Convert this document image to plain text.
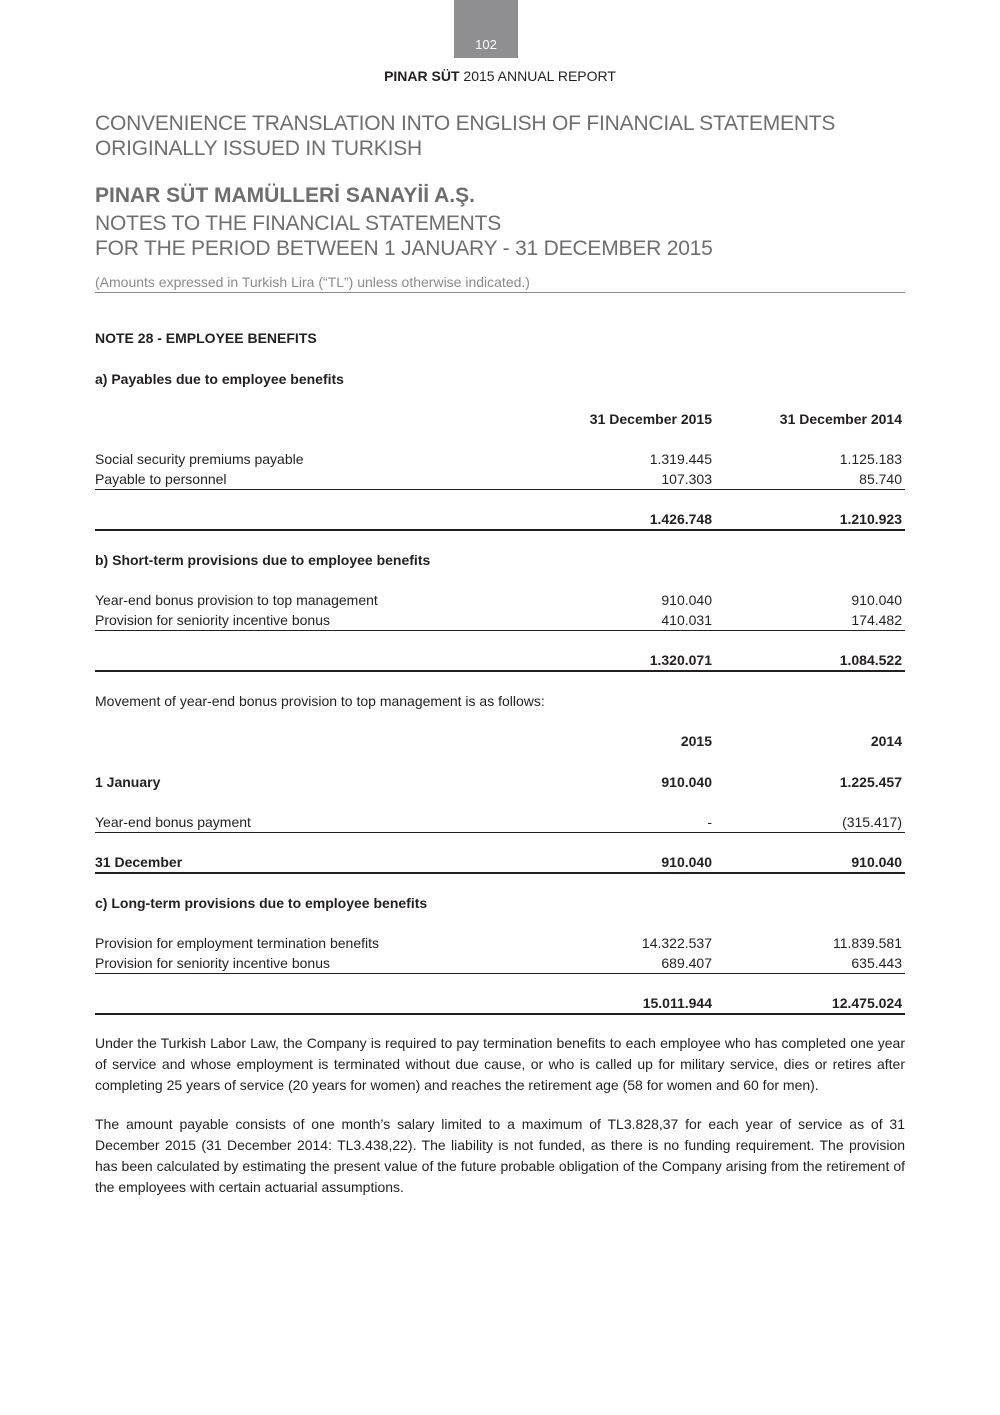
102
PINAR SÜT 2015 ANNUAL REPORT
CONVENIENCE TRANSLATION INTO ENGLISH OF FINANCIAL STATEMENTS
ORIGINALLY ISSUED IN TURKISH
PINAR SÜT MAMÜLLERİ SANAYİİ A.Ş.
NOTES TO THE FINANCIAL STATEMENTS
FOR THE PERIOD BETWEEN 1 JANUARY - 31 DECEMBER 2015
(Amounts expressed in Turkish Lira (“TL”) unless otherwise indicated.)
NOTE 28 - EMPLOYEE BENEFITS
a) Payables due to employee benefits
31 December 2015	31 December 2014
Social security premiums payable	1.319.445	1.125.183
Payable to personnel	107.303	85.740
1.426.748	1.210.923
b) Short-term provisions due to employee benefits
Year-end bonus provision to top management	910.040	910.040
Provision for seniority incentive bonus	410.031	174.482
1.320.071	1.084.522
Movement of year-end bonus provision to top management is as follows:
2015	2014
1 January	910.040	1.225.457
Year-end bonus payment	-	(315.417)
31 December	910.040	910.040
c) Long-term provisions due to employee benefits
Provision for employment termination benefits	14.322.537	11.839.581
Provision for seniority incentive bonus	689.407	635.443
15.011.944	12.475.024
Under the Turkish Labor Law, the Company is required to pay termination benefits to each employee who has completed one year of service and whose employment is terminated without due cause, or who is called up for military service, dies or retires after completing 25 years of service (20 years for women) and reaches the retirement age (58 for women and 60 for men).
The amount payable consists of one month’s salary limited to a maximum of TL3.828,37 for each year of service as of 31 December 2015 (31 December 2014: TL3.438,22). The liability is not funded, as there is no funding requirement. The provision has been calculated by estimating the present value of the future probable obligation of the Company arising from the retirement of the employees with certain actuarial assumptions.
